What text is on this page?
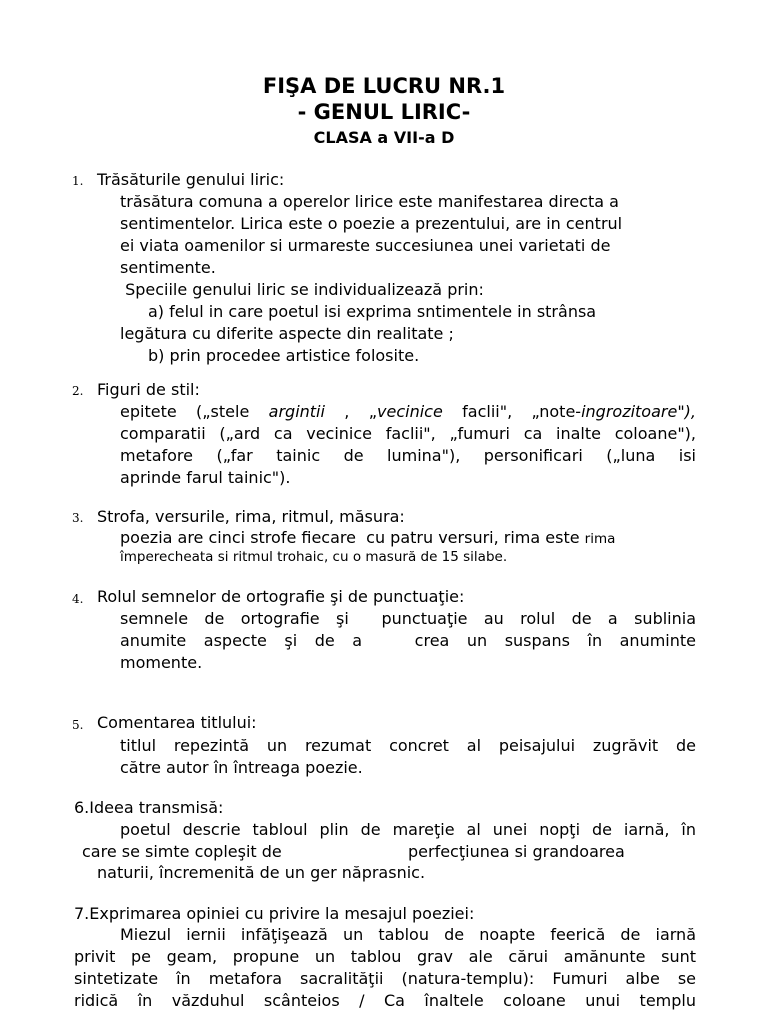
FIŞA DE LUCRU NR.1
- GENUL LIRIC-
CLASA a VII-a D
1. Trăsăturile genului liric:

trăsătura comuna a operelor lirice este manifestarea directa a

sentimentelor. Lirica este o poezie a prezentului, are in centrul

ei viata oamenilor si urmareste succesiunea unei varietati de

sentimente.

Speciile genului liric se individualizează prin:

a) felul in care poetul isi exprima sntimentele in strânsa

legătura cu diferite aspecte din realitate ;

b) prin procedee artistice folosite.

2. Figuri de stil:

epitete („stele argintii , „vecinice faclii", „note-ingrozitoare"),

comparatii („ard ca vecinice faclii", „fumuri ca inalte coloane"),

metafore („far tainic de lumina"), personificari („luna isi

aprinde farul tainic").

3. Strofa, versurile, rima, ritmul, măsura:

poezia are cinci strofe fiecare  cu patru versuri, rima este rima

împerecheata si ritmul trohaic, cu o masură de 15 silabe.

4. Rolul semnelor de ortografie şi de punctuaţie:

semnele de ortografie şi  punctuaţie au rolul de a sublinia

anumite aspecte şi de a   crea un suspans în anuminte

momente.

5. Comentarea titlului:

titlul repezintă un rezumat concret al peisajului zugrăvit de

către autor în întreaga poezie.

6.Ideea transmisă:

poetul descrie tabloul plin de mareţie al unei nopţi de iarnă, în

care se simte copleşit de	perfecţiunea si grandoarea
naturii, încremenită de un ger năprasnic.
7.Exprimarea opiniei cu privire la mesajul poeziei:

Miezul iernii infăţişează un tablou de noapte feerică de iarnă

privit pe geam, propune un tablou grav ale cărui amănunte sunt

sintetizate în metafora sacralităţii (natura-templu): Fumuri albe se

ridică în văzduhul scânteios / Ca înaltele coloane unui templu
